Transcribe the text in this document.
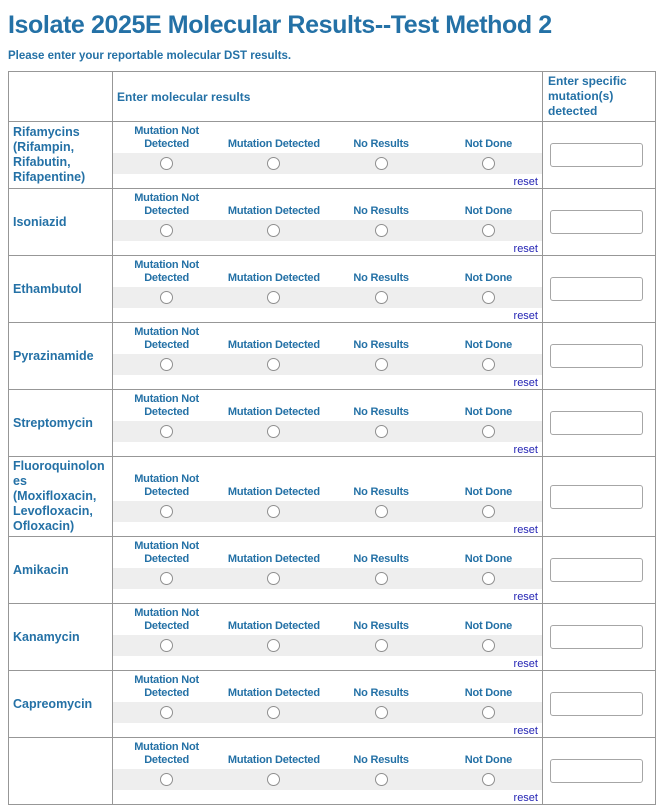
Isolate 2025E Molecular Results--Test Method 2
Please enter your reportable molecular DST results.
	Enter molecular results	Enter specific mutation(s) detected
Rifamycins (Rifampin, Rifabutin, Rifapentine)	Mutation Not Detected Mutation Detected No Results Not Done
reset

Isoniazid	Mutation Not Detected Mutation Detected No Results Not Done
reset

Ethambutol	Mutation Not Detected Mutation Detected No Results Not Done
reset

Pyrazinamide	Mutation Not Detected Mutation Detected No Results Not Done
reset

Streptomycin	Mutation Not Detected Mutation Detected No Results Not Done
reset

Fluoroquinolones (Moxifloxacin, Levofloxacin, Ofloxacin)	Mutation Not Detected Mutation Detected No Results Not Done
reset

Amikacin	Mutation Not Detected Mutation Detected No Results Not Done
reset

Kanamycin	Mutation Not Detected Mutation Detected No Results Not Done
reset

Capreomycin	Mutation Not Detected Mutation Detected No Results Not Done
reset

	Mutation Not Detected Mutation Detected No Results Not Done
reset
